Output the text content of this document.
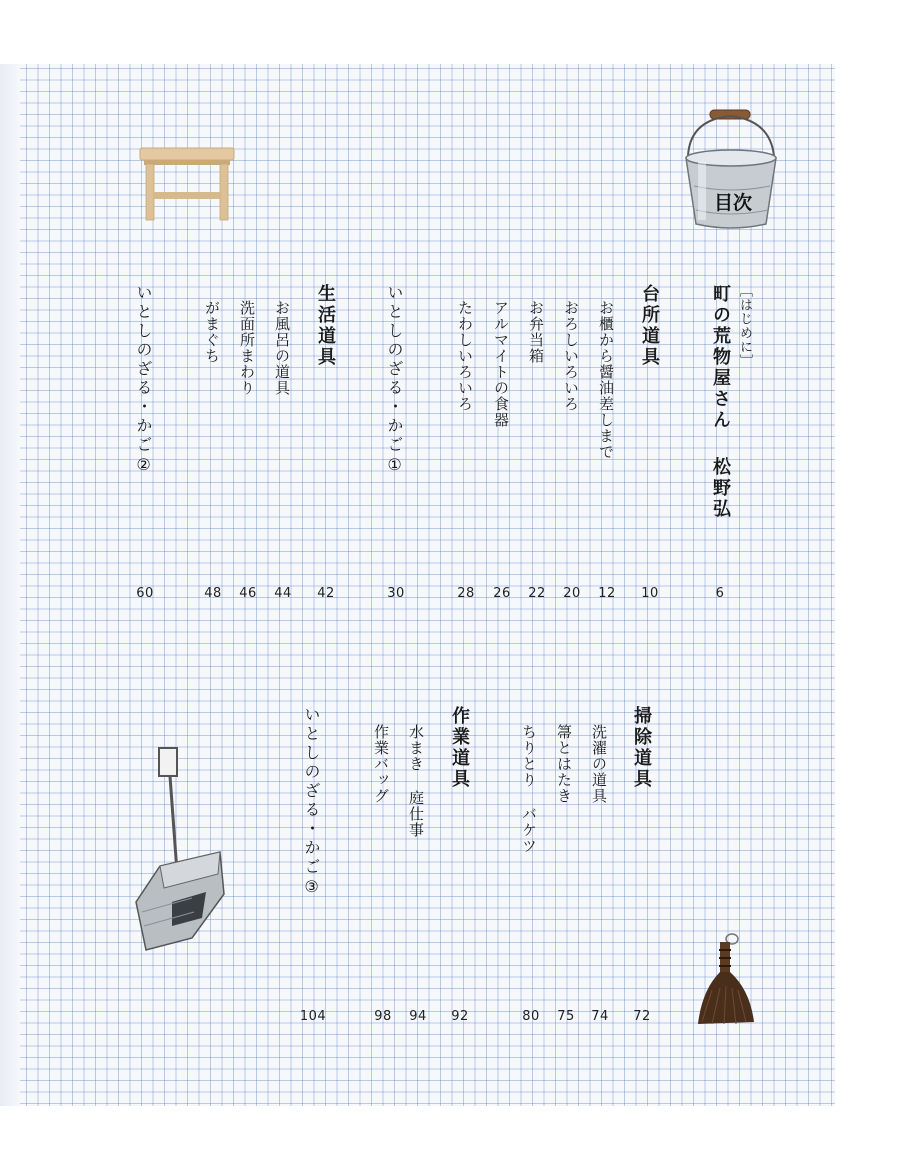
目次
［はじめに］
町の荒物屋さん松野弘
台所道具
お櫃から醤油差しまで
おろしいろいろ
お弁当箱
アルマイトの食器
たわしいろいろ
いとしのざる・かご①
生活道具
お風呂の道具
洗面所まわり
がまぐち
いとしのざる・かご②
6
10
12
20
22
26
28
30
42
44
46
48
60
掃除道具
洗濯の道具
箒とはたき
ちりとりバケツ
作業道具
水まき庭仕事
作業バッグ
いとしのざる・かご③
72
74
75
80
92
94
98
104
